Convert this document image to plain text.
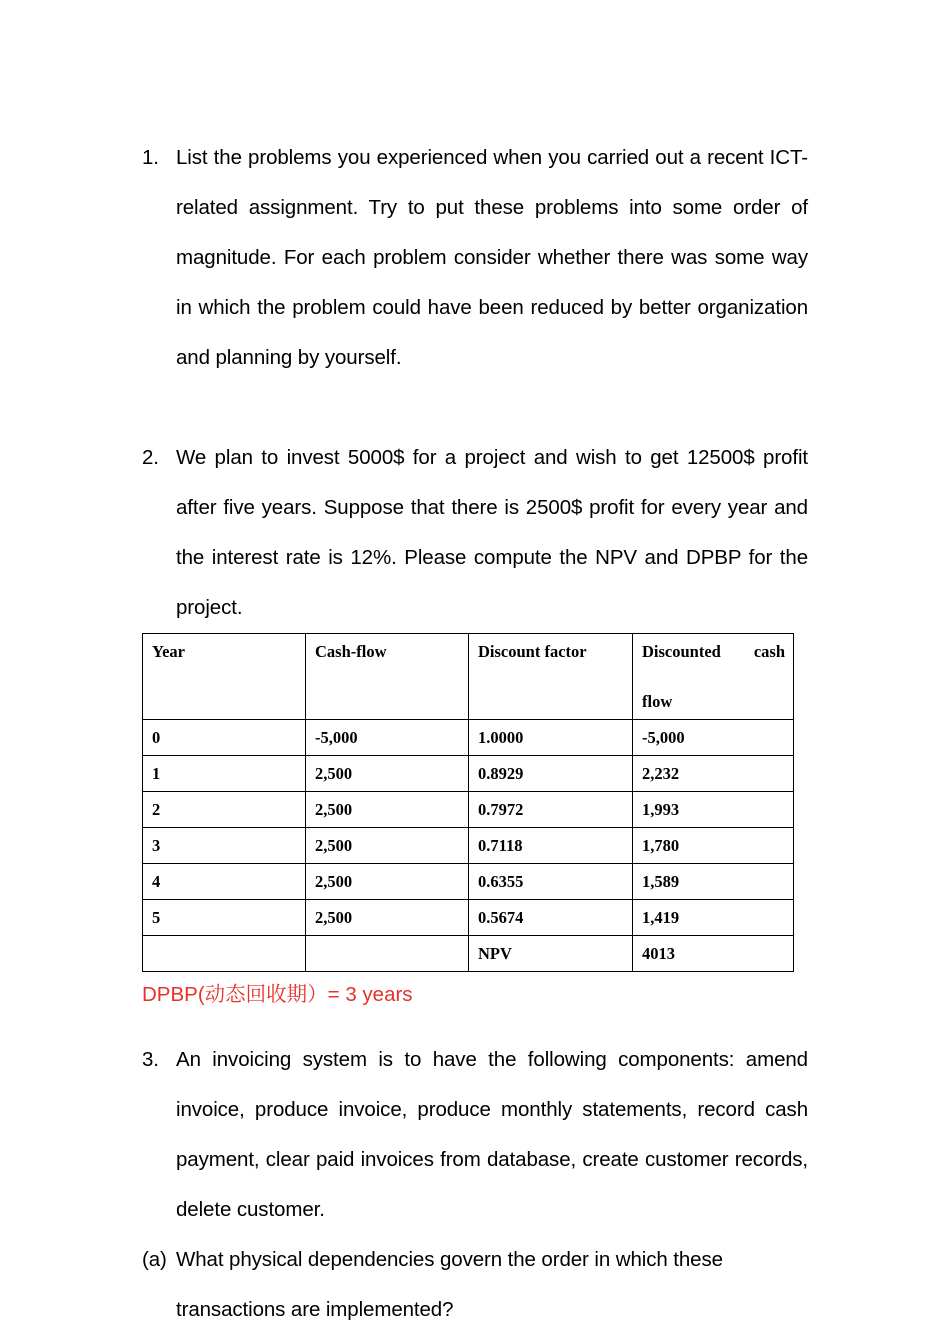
1. List the problems you experienced when you carried out a recent ICT-related assignment. Try to put these problems into some order of magnitude. For each problem consider whether there was some way in which the problem could have been reduced by better organization and planning by yourself.

2. We plan to invest 5000$ for a project and wish to get 12500$ profit after five years. Suppose that there is 2500$ profit for every year and the interest rate is 12%. Please compute the NPV and DPBP for the project.

Year	Cash-flow	Discount factor	Discounted cash flow
0	-5,000	1.0000	-5,000
1	2,500	0.8929	2,232
2	2,500	0.7972	1,993
3	2,500	0.7118	1,780
4	2,500	0.6355	1,589
5	2,500	0.5674	1,419
		NPV	4013

DPBP(动态回收期）= 3 years

3. An invoicing system is to have the following components: amend invoice, produce invoice, produce monthly statements, record cash payment, clear paid invoices from database, create customer records, delete customer.

(a) What physical dependencies govern the order in which these transactions are implemented?
